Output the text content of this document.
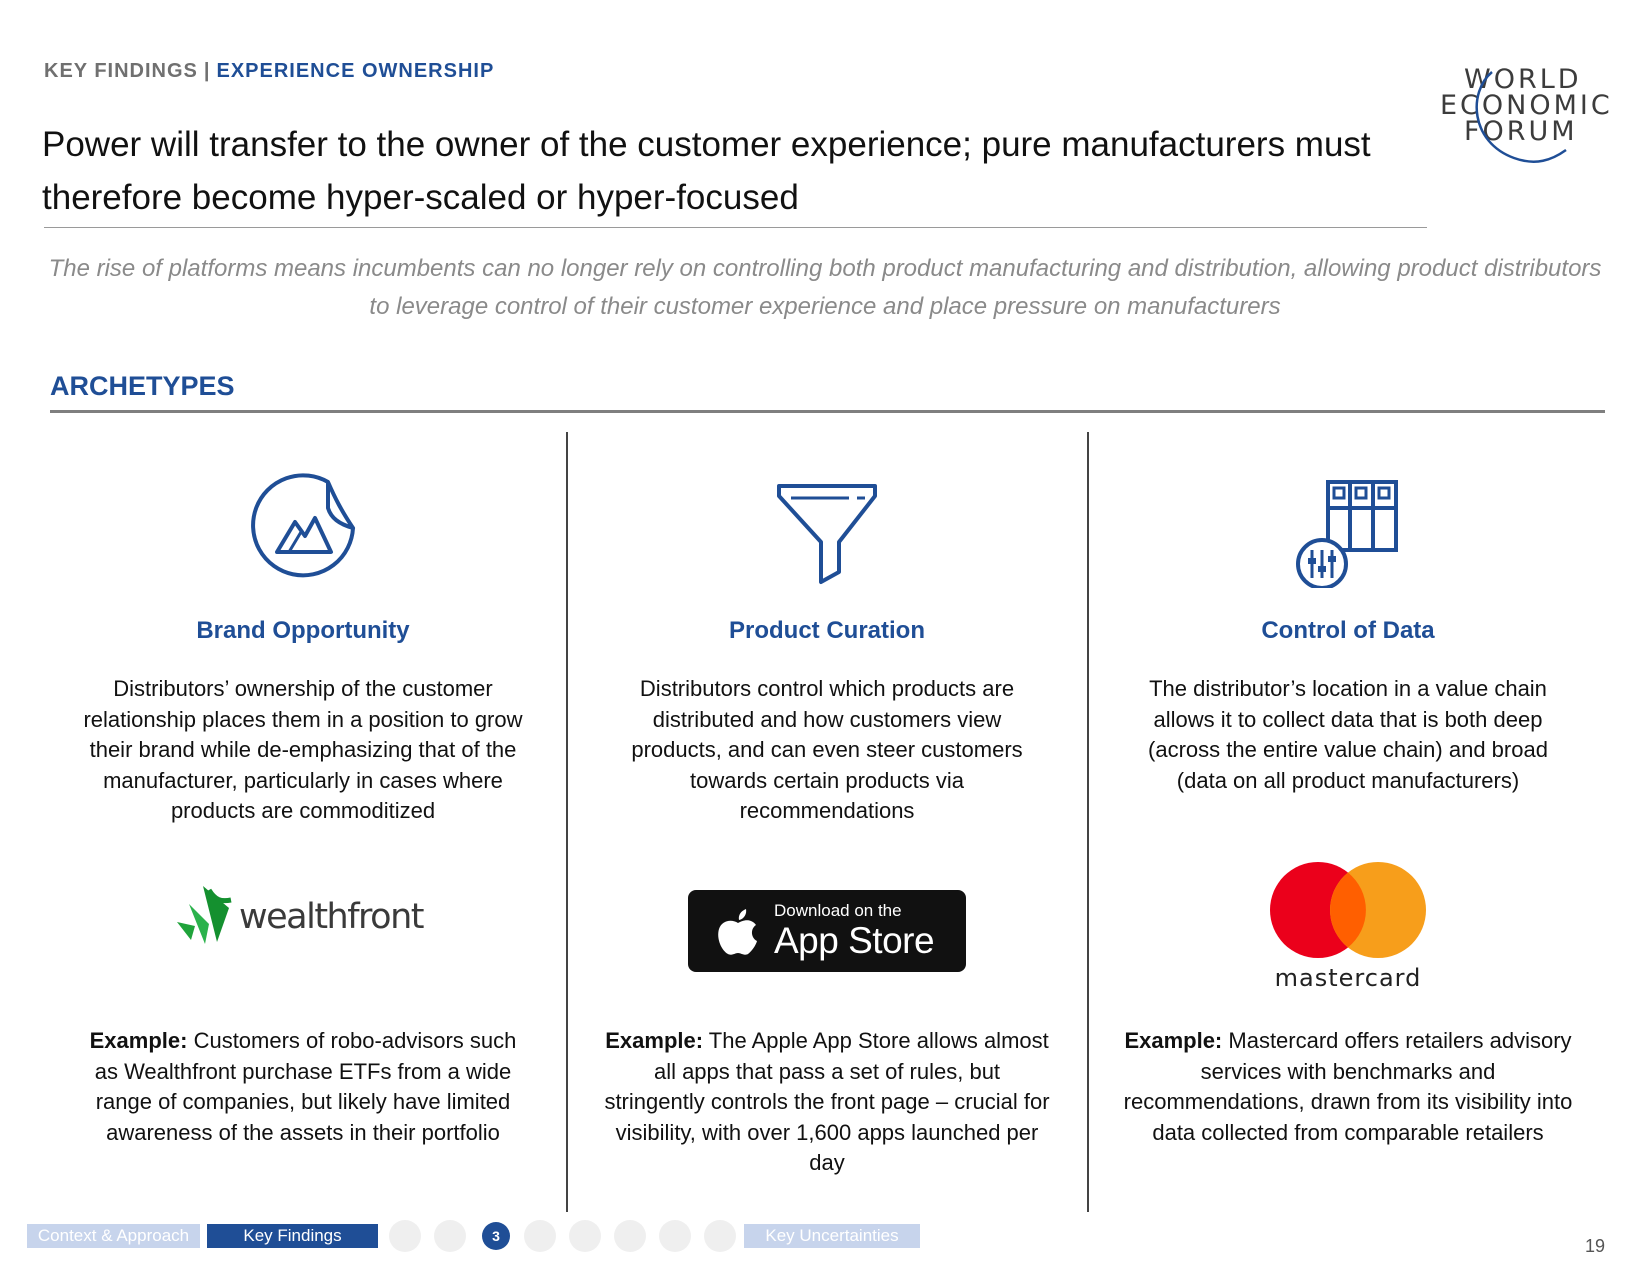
KEY FINDINGS | EXPERIENCE OWNERSHIP	WORLD
ECONOMIC
FORUM
Power will transfer to the owner of the customer experience; pure manufacturers must therefore become hyper-scaled or hyper-focused
The rise of platforms means incumbents can no longer rely on controlling both product manufacturing and distribution, allowing product distributors to leverage control of their customer experience and place pressure on manufacturers
ARCHETYPES
Brand Opportunity
Distributors’ ownership of the customer relationship places them in a position to grow their brand while de-emphasizing that of the manufacturer, particularly in cases where products are commoditized
wealthfront
Example: Customers of robo-advisors such as Wealthfront purchase ETFs from a wide range of companies, but likely have limited awareness of the assets in their portfolio
Product Curation
Distributors control which products are distributed and how customers view products, and can even steer customers towards certain products via recommendations
Download on the
App Store
Example: The Apple App Store allows almost all apps that pass a set of rules, but stringently controls the front page – crucial for visibility, with over 1,600 apps launched per day
Control of Data
The distributor’s location in a value chain allows it to collect data that is both deep (across the entire value chain) and broad (data on all product manufacturers)
mastercard
Example: Mastercard offers retailers advisory services with benchmarks and recommendations, drawn from its visibility into data collected from comparable retailers
Context & Approach	Key Findings	3	Key Uncertainties
19
